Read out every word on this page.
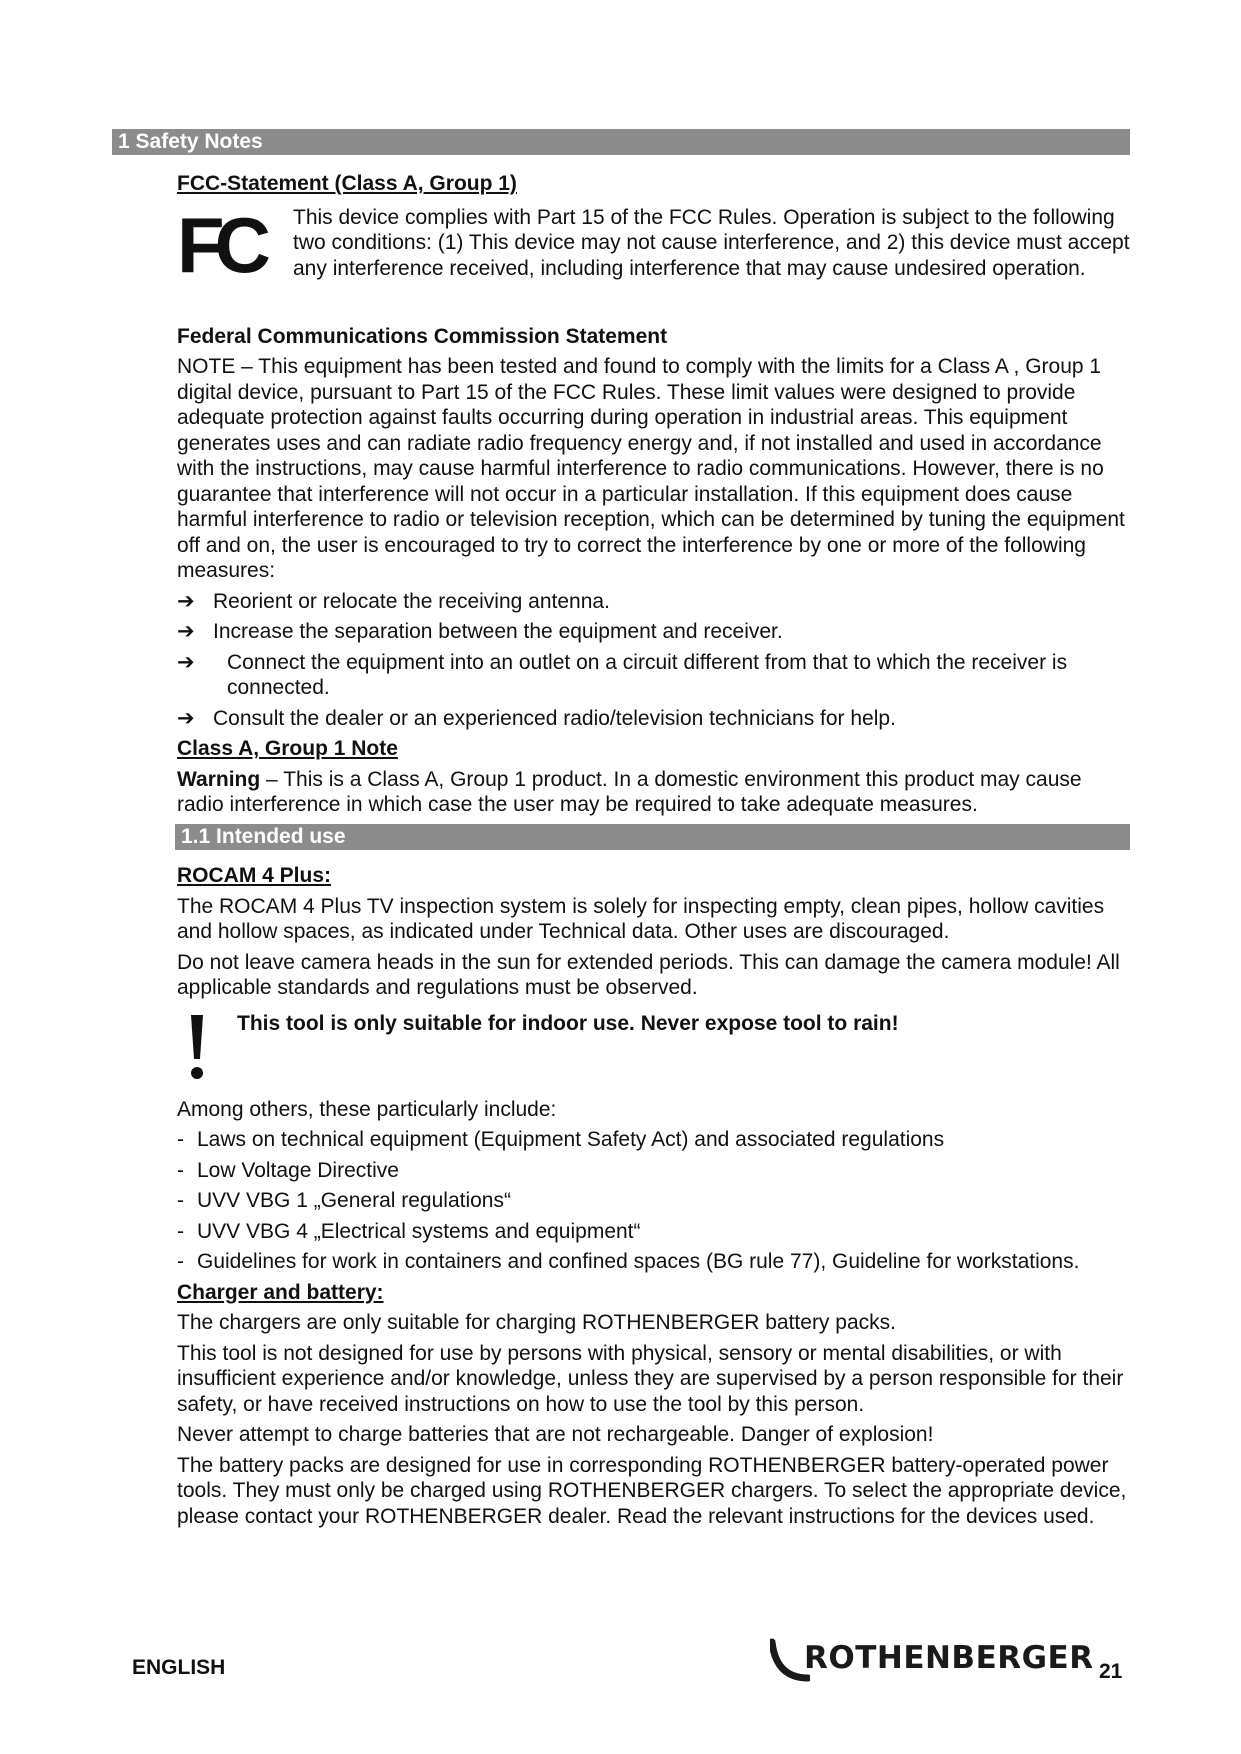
1 Safety Notes
FCC-Statement (Class A, Group 1)
FC	This device complies with Part 15 of the FCC Rules. Operation is subject to the following two conditions: (1) This device may not cause interference, and 2) this device must accept any interference received, including interference that may cause undesired operation.
Federal Communications Commission Statement

NOTE – This equipment has been tested and found to comply with the limits for a Class A , Group 1 digital device, pursuant to Part 15 of the FCC Rules. These limit values were designed to provide adequate protection against faults occurring during operation in industrial areas. This equipment generates uses and can radiate radio frequency energy and, if not installed and used in accordance with the instructions, may cause harmful interference to radio communications. However, there is no guarantee that interference will not occur in a particular installation. If this equipment does cause harmful interference to radio or television reception, which can be determined by tuning the equipment off and on, the user is encouraged to try to correct the interference by one or more of the following measures:

➔ Reorient or relocate the receiving antenna.
➔ Increase the separation between the equipment and receiver.
➔	Connect the equipment into an outlet on a circuit different from that to which the receiver is connected.
➔ Consult the dealer or an experienced radio/television technicians for help.
Class A, Group 1 Note

Warning – This is a Class A, Group 1 product. In a domestic environment this product may cause radio interference in which case the user may be required to take adequate measures.

1.1 Intended use
ROCAM 4 Plus:

The ROCAM 4 Plus TV inspection system is solely for inspecting empty, clean pipes, hollow cavities and hollow spaces, as indicated under Technical data. Other uses are discouraged.

Do not leave camera heads in the sun for extended periods. This can damage the camera module! All applicable standards and regulations must be observed.

This tool is only suitable for indoor use. Never expose tool to rain!

Among others, these particularly include:

- Laws on technical equipment (Equipment Safety Act) and associated regulations
- Low Voltage Directive
- UVV VBG 1 „General regulations“
- UVV VBG 4 „Electrical systems and equipment“
- Guidelines for work in containers and confined spaces (BG rule 77), Guideline for workstations.
Charger and battery:

The chargers are only suitable for charging ROTHENBERGER battery packs.

This tool is not designed for use by persons with physical, sensory or mental disabilities, or with insufficient experience and/or knowledge, unless they are supervised by a person responsible for their safety, or have received instructions on how to use the tool by this person.

Never attempt to charge batteries that are not rechargeable. Danger of explosion!

The battery packs are designed for use in corresponding ROTHENBERGER battery-operated power tools. They must only be charged using ROTHENBERGER chargers. To select the appropriate device, please contact your ROTHENBERGER dealer. Read the relevant instructions for the devices used.

ENGLISH	ROTHENBERGER 21
